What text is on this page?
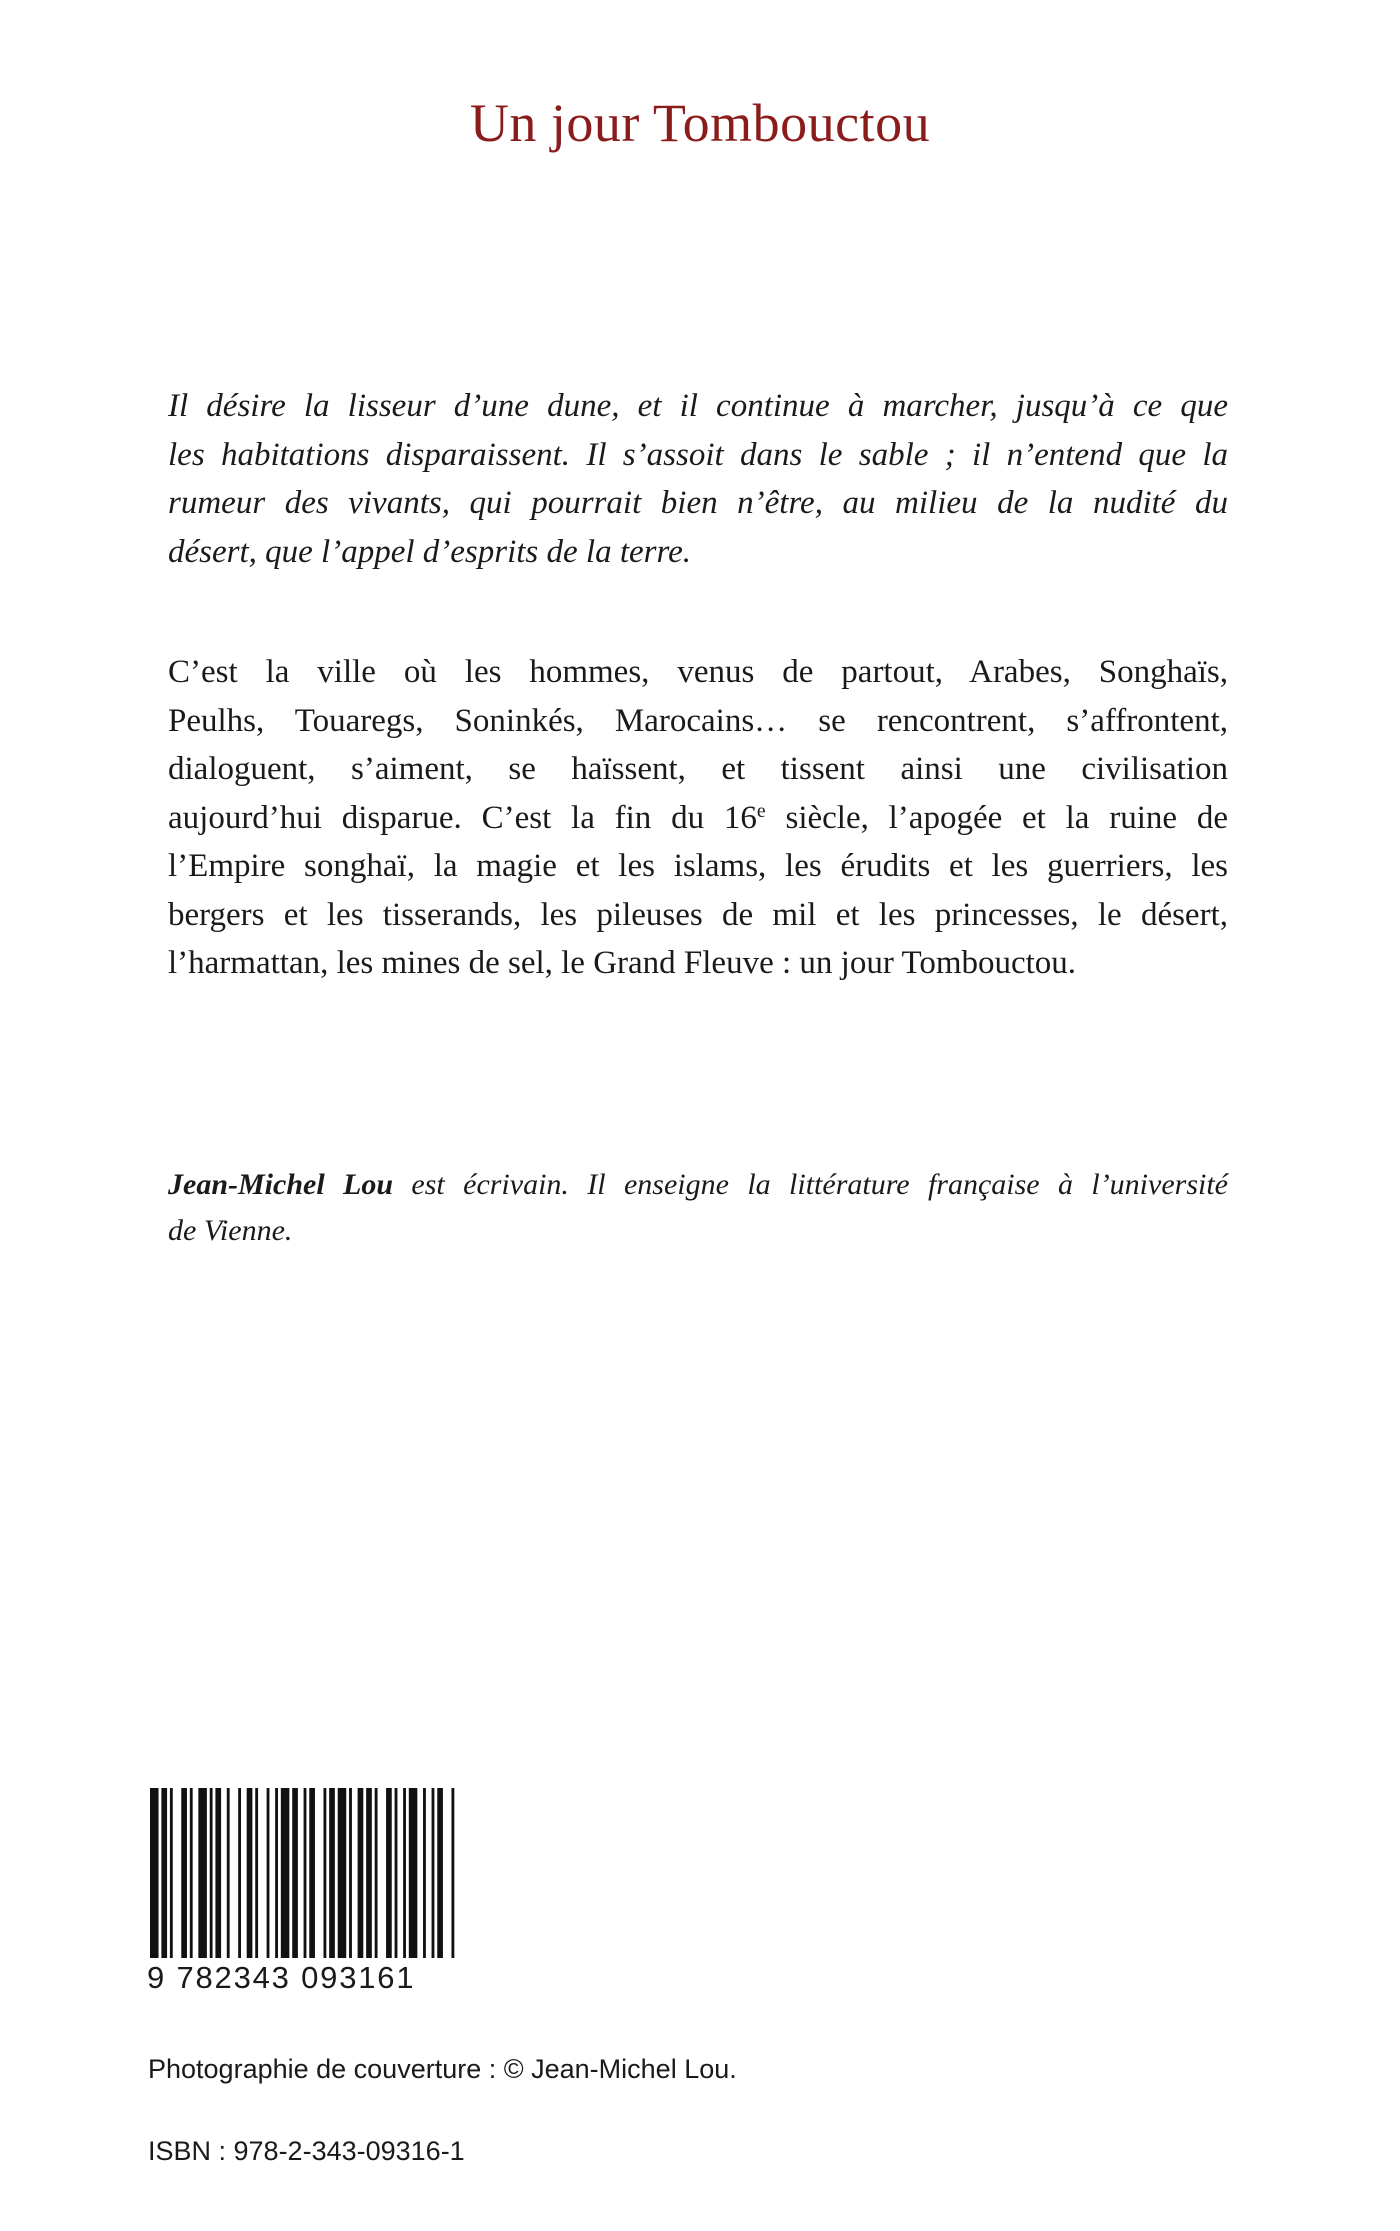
Un jour Tombouctou
Il désire la lisseur d’une dune, et il continue à marcher, jusqu’à ce que
les habitations disparaissent. Il s’assoit dans le sable ; il n’entend que la
rumeur des vivants, qui pourrait bien n’être, au milieu de la nudité du
désert, que l’appel d’esprits de la terre.
C’est la ville où les hommes, venus de partout, Arabes, Songhaïs,
Peulhs, Touaregs, Soninkés, Marocains… se rencontrent, s’affrontent,
dialoguent, s’aiment, se haïssent, et tissent ainsi une civilisation
aujourd’hui disparue. C’est la fin du 16e siècle, l’apogée et la ruine de
l’Empire songhaï, la magie et les islams, les érudits et les guerriers, les
bergers et les tisserands, les pileuses de mil et les princesses, le désert,
l’harmattan, les mines de sel, le Grand Fleuve : un jour Tombouctou.
Jean-Michel Lou est écrivain. Il enseigne la littérature française à l’université
de Vienne.

9 782343 093161

Photographie de couverture : © Jean-Michel Lou.

ISBN : 978-2-343-09316-1
